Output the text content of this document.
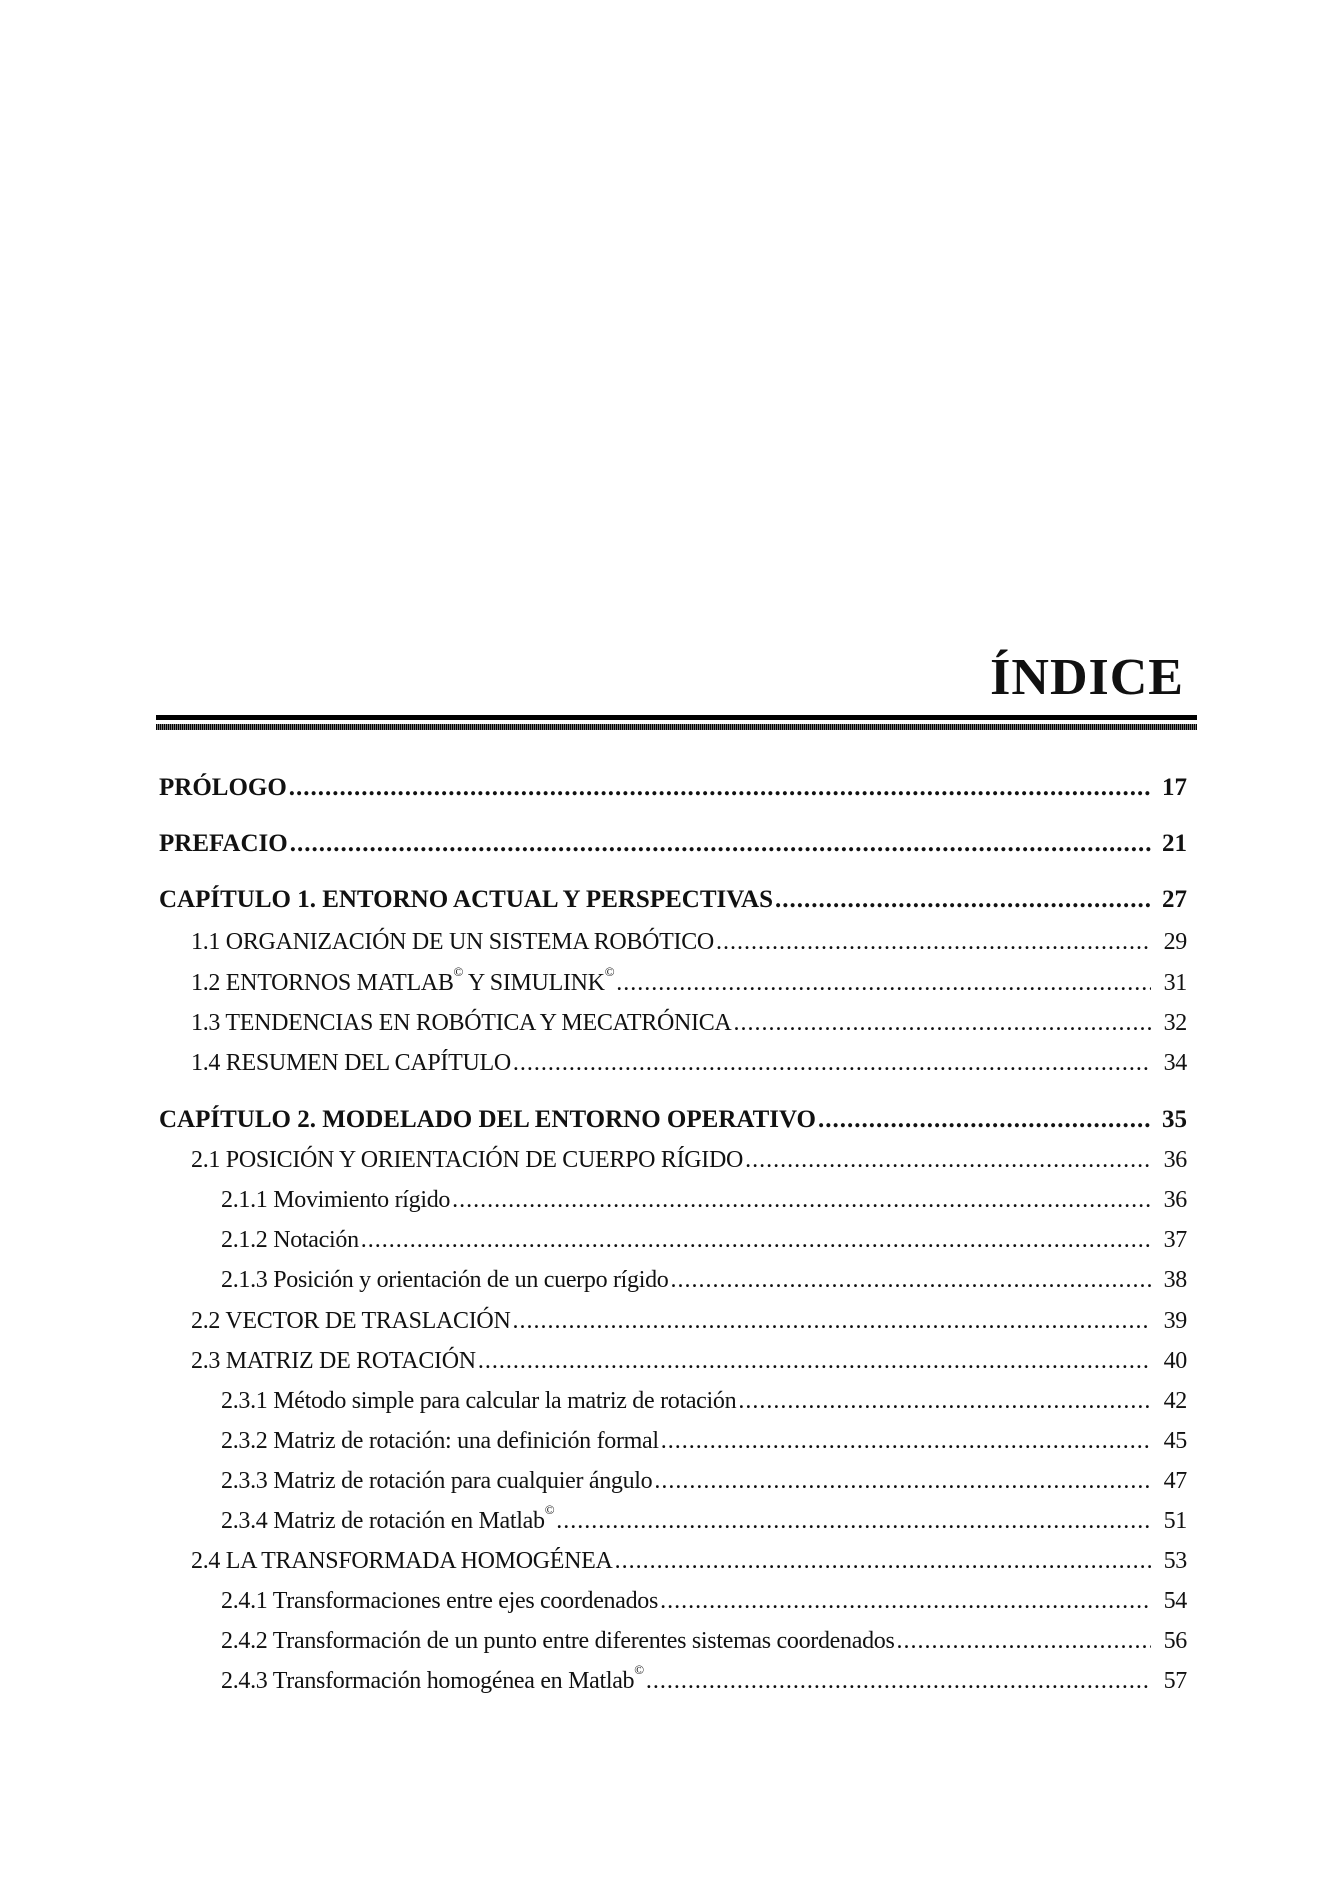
ÍNDICE
PRÓLOGO .....	17
PREFACIO .....	21
CAPÍTULO 1. ENTORNO ACTUAL Y PERSPECTIVAS .....	27
1.1 ORGANIZACIÓN DE UN SISTEMA ROBÓTICO .....	29
1.2 ENTORNOS MATLAB© Y SIMULINK© .....	31
1.3 TENDENCIAS EN ROBÓTICA Y MECATRÓNICA .....	32
1.4 RESUMEN DEL CAPÍTULO .....	34
CAPÍTULO 2. MODELADO DEL ENTORNO OPERATIVO .....	35
2.1 POSICIÓN Y ORIENTACIÓN DE CUERPO RÍGIDO .....	36
2.1.1 Movimiento rígido .....	36
2.1.2 Notación .....	37
2.1.3 Posición y orientación de un cuerpo rígido .....	38
2.2 VECTOR DE TRASLACIÓN .....	39
2.3 MATRIZ DE ROTACIÓN .....	40
2.3.1 Método simple para calcular la matriz de rotación .....	42
2.3.2 Matriz de rotación: una definición formal .....	45
2.3.3 Matriz de rotación para cualquier ángulo .....	47
2.3.4 Matriz de rotación en Matlab© .....	51
2.4 LA TRANSFORMADA HOMOGÉNEA .....	53
2.4.1 Transformaciones entre ejes coordenados .....	54
2.4.2 Transformación de un punto entre diferentes sistemas coordenados .....	56
2.4.3 Transformación homogénea en Matlab© .....	57
